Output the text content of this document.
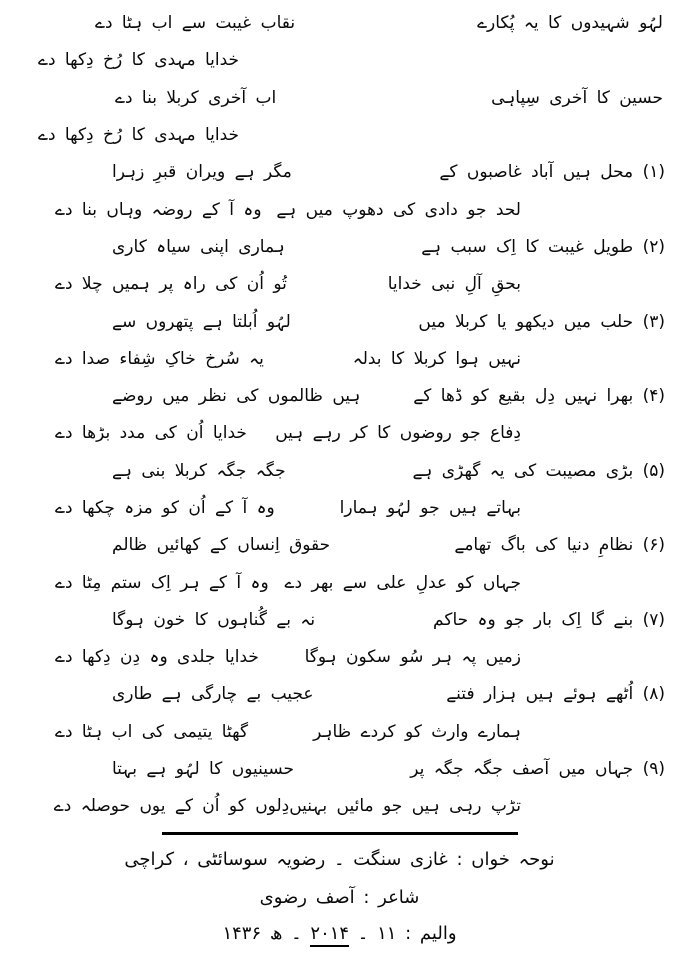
لہُو شہیدوں کا یہ پُکارے
نقاب غیبت سے اب ہٹا دے
خدایا مہدی کا رُخ دِکھا دے
حسین کا آخری سِپاہی
اب آخری کربلا بنا دے
خدایا مہدی کا رُخ دِکھا دے
(۱) محل ہیں آباد غاصبوں کے
مگر ہے ویران قبرِ زہرا
لحد جو دادی کی دھوپ میں ہے
وہ آ کے روضہ وہاں بنا دے
(۲) طویل غیبت کا اِک سبب ہے
ہماری اپنی سیاہ کاری
بحقِ آلِ نبی خدایا
تُو اُن کی راہ پر ہمیں چلا دے
(۳) حلب میں دیکھو یا کربلا میں
لہُو اُبلتا ہے پتھروں سے
نہیں ہوا کربلا کا بدلہ
یہ سُرخ خاکِ شِفاء صدا دے
(۴) بھرا نہیں دِل بقیع کو ڈھا کے
ہیں ظالموں کی نظر میں روضے
دِفاع جو روضوں کا کر رہے ہیں
خدایا اُن کی مدد بڑھا دے
(۵) بڑی مصیبت کی یہ گھڑی ہے
جگہ جگہ کربلا بنی ہے
بہاتے ہیں جو لہُو ہمارا
وہ آ کے اُن کو مزہ چکھا دے
(۶) نظامِ دنیا کی باگ تھامے
حقوق اِنساں کے کھائیں ظالم
جہاں کو عدلِ علی سے بھر دے
وہ آ کے ہر اِک ستم مِٹا دے
(۷) بنے گا اِک بار جو وہ حاکم
نہ بے گُناہوں کا خون ہوگا
زمیں پہ ہر سُو سکون ہوگا
خدایا جلدی وہ دِن دِکھا دے
(۸) اُٹھے ہوئے ہیں ہزار فتنے
عجیب بے چارگی ہے طاری
ہمارے وارث کو کردے ظاہر
گھٹا یتیمی کی اب ہٹا دے
(۹) جہاں میں آصف جگہ جگہ پر
حسینیوں کا لہُو ہے بہتا
تڑپ رہی ہیں جو مائیں بہنیں
دِلوں کو اُن کے یوں حوصلہ دے
نوحہ خواں : غازی سنگت ۔ رضویہ سوسائٹی ، کراچی
شاعر : آصف رضوی
والیم : ۱۱ ۔ ۲۰۱۴ ۔ ھ ۱۴۳۶
